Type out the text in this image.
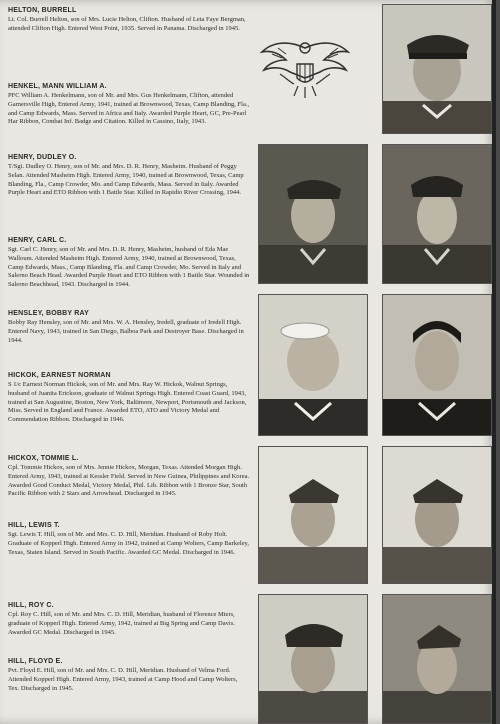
HELTON, BURRELL
Lt. Col. Burrell Helton, son of Mrs. Lucie Helton, Clifton. Husband of Leta Faye Bergman, attended Clifton High. Entered West Point, 1935. Served in Panama. Discharged in 1945.
HENKEL, MANN WILLIAM A.
PFC William A. Henkelmann, son of Mr. and Mrs. Gus Henkelmann, Clifton, attended Garnersville High, Entered Army, 1941, trained at Brownwood, Texas, Camp Blanding, Fla., and Camp Edwards, Mass. Served in Africa and Italy. Awarded Purple Heart, GC, Pre-Pearl Har Ribbon, Combat Inf. Badge and Citation. Killed in Cassino, Italy, 1943.
HENRY, DUDLEY O.
T/Sgt. Dudley O. Henry, son of Mr. and Mrs. D. R. Henry, Masheim. Husband of Peggy Selan. Attended Masheim High. Entered Army, 1940, trained at Brownwood, Texas, Camp Blanding, Fla., Camp Crowder, Mo. and Camp Edwards, Mass. Served in Italy. Awarded Purple Heart and ETO Ribbon with 1 Battle Star. Killed in Rapidio River Crossing, 1944.
HENRY, CARL C.
Sgt. Carl C. Henry, son of Mr. and Mrs. D. R. Henry, Masheim, husband of Eda Mae Walloum. Attended Masheim High. Entered Army, 1940, trained at Brownwood, Texas, Camp Edwards, Mass., Camp Blanding, Fla. and Camp Crowder, Mo. Served in Italy and Salerno Beach Head. Awarded Purple Heart and ETO Ribbon with 1 Battle Star. Wounded in Salerno Beachhead, 1943. Discharged in 1944.
HENSLEY, BOBBY RAY
Bobby Ray Hensley, son of Mr. and Mrs. W. A. Hensley, Iredell, graduate of Iredell High. Entered Navy, 1943, trained in San Diego, Balboa Park and Destroyer Base. Discharged in 1944.
HICKOK, EARNEST NORMAN
S 1/c Earnest Norman Hickok, son of Mr. and Mrs. Ray W. Hickok, Walnut Springs, husband of Juanita Erickson, graduate of Walnut Springs High. Entered Coast Guard, 1943, trained at San Augustine, Boston, New York, Baltimore, Newport, Portsmouth and Jackson, Miss. Served in England and France. Awarded ETO, ATO and Victory Medal and Commendation Ribbon. Discharged in 1946.
HICKOX, TOMMIE L.
Cpl. Tommie Hickox, son of Mrs. Jennie Hickox, Morgan, Texas. Attended Morgan High. Entered Army, 1943, trained at Kessler Field. Served in New Guinea, Philippines and Korea. Awarded Good Conduct Medal, Victory Medal, Phil. Lib. Ribbon with 1 Bronze Star, South Pacific Ribbon with 2 Stars and Arrowhead. Discharged in 1945.
HILL, LEWIS T.
Sgt. Lewis T. Hill, son of Mr. and Mrs. C. D. Hill, Meridian. Husband of Roby Holt. Graduate of Kopperl High. Entered Army in 1942, trained at Camp Wolters, Camp Barkeley, Texas, Staten Island. Served in South Pacific. Awarded GC Medal. Discharged in 1946.
HILL, ROY C.
Cpl. Roy C. Hill, son of Mr. and Mrs. C. D. Hill, Meridian, husband of Florence Miers, graduate of Kopperl High. Entered Army, 1942, trained at Big Spring and Camp Davis. Awarded GC Medal. Discharged in 1945.
HILL, FLOYD E.
Pvt. Floyd E. Hill, son of Mr. and Mrs. C. D. Hill, Meridian. Husband of Velma Ford. Attended Kopperl High. Entered Army, 1943, trained at Camp Hood and Camp Wolters, Tex. Discharged in 1945.
